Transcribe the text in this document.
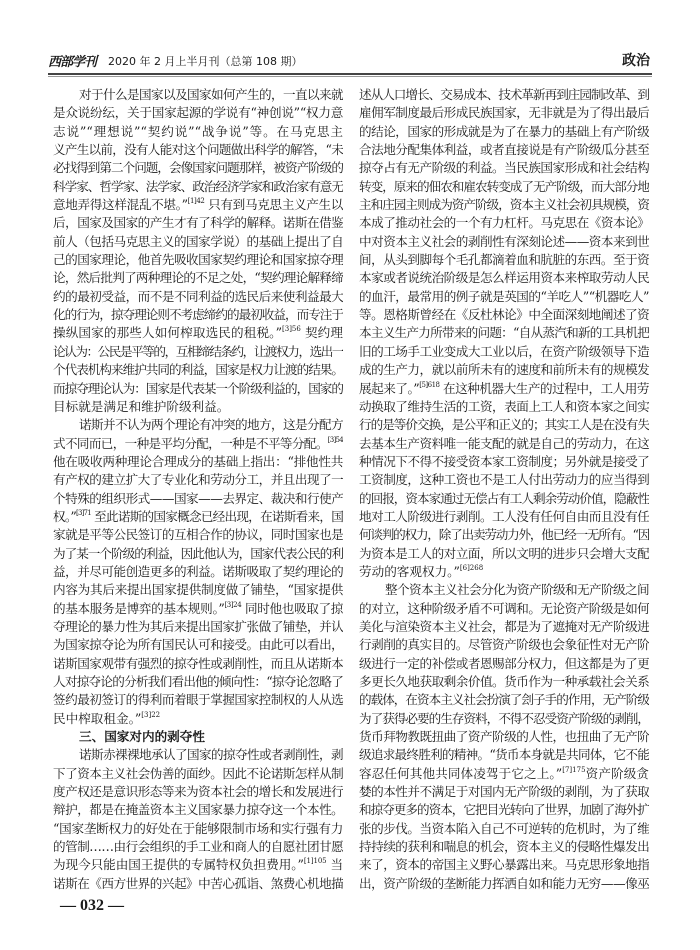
西部学刊 2020 年 2 月上半月刊（总第 108 期）	政治
对于什么是国家以及国家如何产生的，一直以来就
是众说纷纭，关于国家起源的学说有“神创说”“权力意
志说”“理想说”“契约说”“战争说”等。在马克思主
义产生以前，没有人能对这个问题做出科学的解答，“未
必找得到第二个问题，会像国家问题那样，被资产阶级的
科学家、哲学家、法学家、政治经济学家和政治家有意无
意地弄得这样混乱不堪。”$^{[1]42}$ 只有到马克思主义产生以
后，国家及国家的产生才有了科学的解释。诺斯在借鉴
前人（包括马克思主义的国家学说）的基础上提出了自
己的国家理论，他首先吸收国家契约理论和国家掠夺理
论，然后批判了两种理论的不足之处，“契约理论解释缔
约的最初受益，而不是不同利益的选民后来使利益最大
化的行为，掠夺理论则不考虑缔约的最初收益，而专注于
操纵国家的那些人如何榨取选民的租税。”$^{[3]56}$ 契约理
论认为：公民是平等的，互相缔结条约，让渡权力，选出一
个代表机构来维护共同的利益，国家是权力让渡的结果。
而掠夺理论认为：国家是代表某一个阶级利益的，国家的
目标就是满足和维护阶级利益。
诺斯并不认为两个理论有冲突的地方，这是分配方
式不同而已，一种是平均分配，一种是不平等分配。$^{[3]54}$
他在吸收两种理论合理成分的基础上指出：“排他性共
有产权的建立扩大了专业化和劳动分工，并且出现了一
个特殊的组织形式——国家——去界定、裁决和行使产
权。”$^{[3]71}$ 至此诺斯的国家概念已经出现，在诺斯看来，国
家就是平等公民签订的互相合作的协议，同时国家也是
为了某一个阶级的利益，因此他认为，国家代表公民的利
益，并尽可能创造更多的利益。诺斯吸取了契约理论的
内容为其后来提出国家提供制度做了铺垫，“国家提供
的基本服务是博弈的基本规则。”$^{[3]24}$ 同时他也吸取了掠
夺理论的暴力性为其后来提出国家扩张做了铺垫，并认
为国家掠夺论为所有国民认可和接受。由此可以看出，
诺斯国家观带有强烈的掠夺性或剥削性，而且从诺斯本
人对掠夺论的分析我们看出他的倾向性：“掠夺论忽略了
签约最初签订的得利而着眼于掌握国家控制权的人从选
民中榨取租金。”$^{[3]22}$
三、国家对内的剥夺性
诺斯赤裸裸地承认了国家的掠夺性或者剥削性，剥
下了资本主义社会伪善的面纱。因此不论诺斯怎样从制
度产权还是意识形态等来为资本社会的增长和发展进行
辩护，都是在掩盖资本主义国家暴力掠夺这一个本性。
“国家垄断权力的好处在于能够限制市场和实行强有力
的管制……由行会组织的手工业和商人的自愿社团甘愿
为现今只能由国王提供的专属特权负担费用。”$^{[1]105}$ 当
诺斯在《西方世界的兴起》中苦心孤诣、煞费心机地描
述从人口增长、交易成本、技术革新再到庄园制改革、到
雇佣军制度最后形成民族国家，无非就是为了得出最后
的结论，国家的形成就是为了在暴力的基础上有产阶级
合法地分配集体利益，或者直接说是有产阶级瓜分甚至
掠夺占有无产阶级的利益。当民族国家形成和社会结构
转变，原来的佃农和雇农转变成了无产阶级，而大部分地
主和庄园主则成为资产阶级，资本主义社会初具规模，资
本成了推动社会的一个有力杠杆。马克思在《资本论》
中对资本主义社会的剥削性有深刻论述——资本来到世
间，从头到脚每个毛孔都滴着血和肮脏的东西。至于资
本家或者说统治阶级是怎么样运用资本来榨取劳动人民
的血汗，最常用的例子就是英国的“羊吃人”“机器吃人”
等。恩格斯曾经在《反杜林论》中全面深刻地阐述了资
本主义生产力所带来的问题：“自从蒸汽和新的工具机把
旧的工场手工业变成大工业以后，在资产阶级领导下造
成的生产力，就以前所未有的速度和前所未有的规模发
展起来了。”$^{[5]618}$ 在这种机器大生产的过程中，工人用劳
动换取了维持生活的工资，表面上工人和资本家之间实
行的是等价交换，是公平和正义的；其实工人是在没有失
去基本生产资料唯一能支配的就是自己的劳动力，在这
种情况下不得不接受资本家工资制度；另外就是接受了
工资制度，这种工资也不是工人付出劳动力的应当得到
的回报，资本家通过无偿占有工人剩余劳动价值，隐蔽性
地对工人阶级进行剥削。工人没有任何自由而且没有任
何谈判的权力，除了出卖劳动力外，他已经一无所有。“因
为资本是工人的对立面，所以文明的进步只会增大支配
劳动的客观权力。”$^{[6]268}$
整个资本主义社会分化为资产阶级和无产阶级之间
的对立，这种阶级矛盾不可调和。无论资产阶级是如何
美化与渲染资本主义社会，都是为了遮掩对无产阶级进
行剥削的真实目的。尽管资产阶级也会象征性对无产阶
级进行一定的补偿或者恩赐部分权力，但这都是为了更
多更长久地获取剩余价值。货币作为一种承载社会关系
的载体，在资本主义社会扮演了刽子手的作用，无产阶级
为了获得必要的生存资料，不得不忍受资产阶级的剥削，
货币拜物教既扭曲了资产阶级的人性，也扭曲了无产阶
级追求最终胜利的精神。“货币本身就是共同体，它不能
容忍任何其他共同体凌驾于它之上。”$^{[7]175}$资产阶级贪
婪的本性并不满足于对国内无产阶级的剥削，为了获取
和掠夺更多的资本，它把目光转向了世界，加剧了海外扩
张的步伐。当资本陷入自己不可逆转的危机时，为了维
持持续的获利和喘息的机会，资本主义的侵略性爆发出
来了，资本的帝国主义野心暴露出来。马克思形象地指
出，资产阶级的垄断能力挥洒自如和能力无穷——像巫
— 032 —
